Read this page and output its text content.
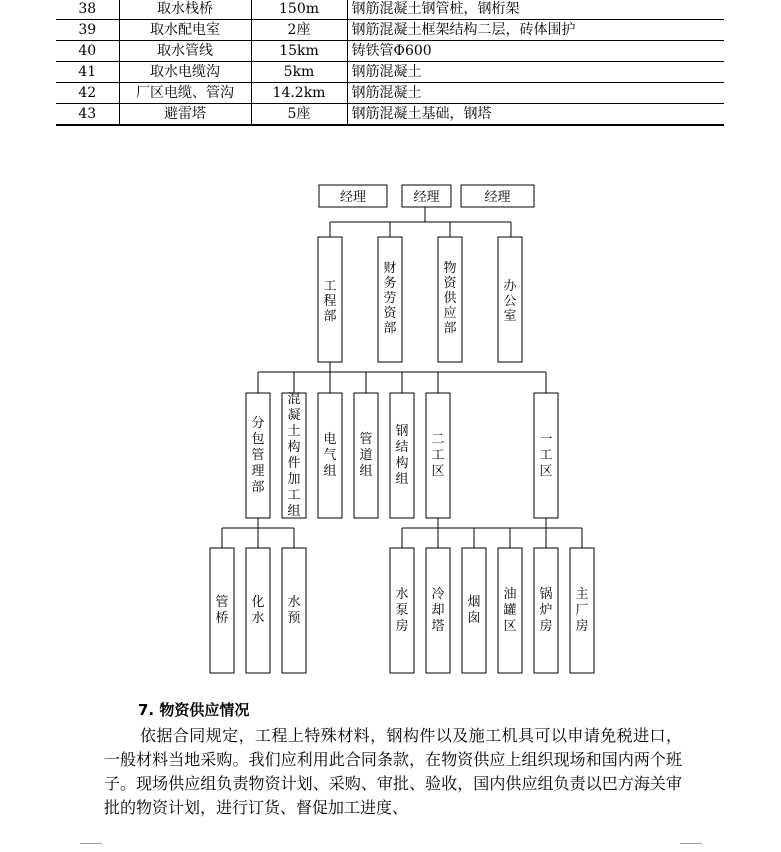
38	取水栈桥	150m	钢筋混凝土钢管桩，钢桁架
39	取水配电室	2座	钢筋混凝土框架结构二层，砖体围护
40	取水管线	15km	铸铁管Φ600
41	取水电缆沟	5km	钢筋混凝土
42	厂区电缆、管沟	14.2km	钢筋混凝土
43	避雷塔	5座	钢筋混凝土基础，钢塔
经理	经理	经理
工程部
财务劳资部
物资供应部
办公室
分包管理部
混凝土构件加工组
电气组
管道组
钢结构组
二工区
一工区
管桥
化水
水预
水泵房
冷却塔
烟囱
油罐区
锅炉房
主厂房
7. 物资供应情况

依据合同规定，工程上特殊材料，钢构件以及施工机具可以申请免税进口，一般材料当地采购。我们应利用此合同条款，在物资供应上组织现场和国内两个班子。现场供应组负责物资计划、采购、审批、验收，国内供应组负责以巴方海关审批的物资计划，进行订货、督促加工进度、
